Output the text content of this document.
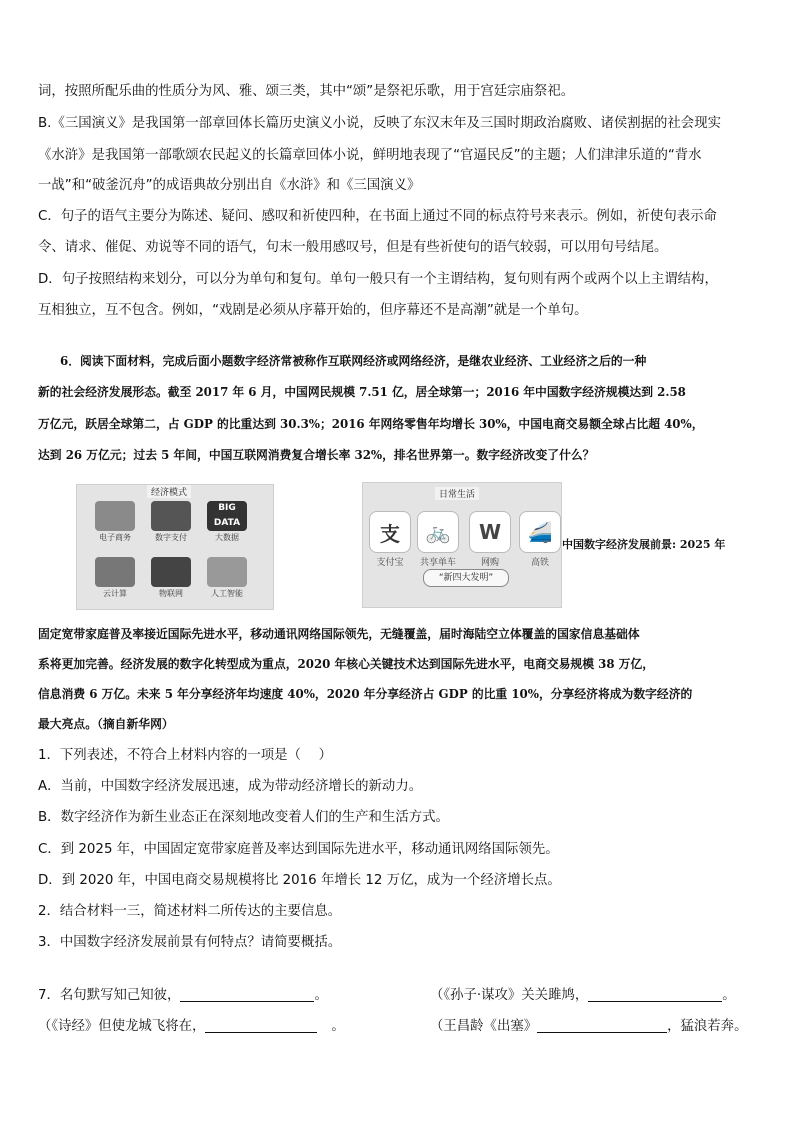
词，按照所配乐曲的性质分为风、雅、颂三类，其中“颂”是祭祀乐歌，用于宫廷宗庙祭祀。
B.《三国演义》是我国第一部章回体长篇历史演义小说，反映了东汉末年及三国时期政治腐败、诸侯割据的社会现实
《水浒》是我国第一部歌颂农民起义的长篇章回体小说，鲜明地表现了“官逼民反”的主题；人们津津乐道的“背水
一战”和“破釜沉舟”的成语典故分别出自《水浒》和《三国演义》
C．句子的语气主要分为陈述、疑问、感叹和祈使四种，在书面上通过不同的标点符号来表示。例如，祈使句表示命
令、请求、催促、劝说等不同的语气，句末一般用感叹号，但是有些祈使句的语气较弱，可以用句号结尾。
D．句子按照结构来划分，可以分为单句和复句。单句一般只有一个主谓结构，复句则有两个或两个以上主谓结构，
互相独立，互不包含。例如，“戏剧是必须从序幕开始的，但序幕还不是高潮”就是一个单句。
6．阅读下面材料，完成后面小题数字经济常被称作互联网经济或网络经济，是继农业经济、工业经济之后的一种
新的社会经济发展形态。截至 2017 年 6 月，中国网民规模 7.51 亿，居全球第一；2016 年中国数字经济规模达到 2.58
万亿元，跃居全球第二，占 GDP 的比重达到 30.3%；2016 年网络零售年均增长 30%，中国电商交易额全球占比超 40%，
达到 26 万亿元；过去 5 年间，中国互联网消费复合增长率 32%，排名世界第一。数字经济改变了什么？
经济模式
BIG DATA
电子商务	数字支付	大数据
云计算	物联网	人工智能
日常生活
支	🚲	W	🚄
支付宝	共享单车	网购	高铁
“新四大发明”
中国数字经济发展前景: 2025 年
固定宽带家庭普及率接近国际先进水平，移动通讯网络国际领先，无缝覆盖，届时海陆空立体覆盖的国家信息基础体
系将更加完善。经济发展的数字化转型成为重点，2020 年核心关键技术达到国际先进水平，电商交易规模 38 万亿，
信息消费 6 万亿。未来 5 年分享经济年均速度 40%，2020 年分享经济占 GDP 的比重 10%，分享经济将成为数字经济的
最大亮点。（摘自新华网）
1．下列表述，不符合上材料内容的一项是（　 ）
A．当前，中国数字经济发展迅速，成为带动经济增长的新动力。
B．数字经济作为新生业态正在深刻地改变着人们的生产和生活方式。
C．到 2025 年，中国固定宽带家庭普及率达到国际先进水平，移动通讯网络国际领先。
D．到 2020 年，中国电商交易规模将比 2016 年增长 12 万亿，成为一个经济增长点。
2．结合材料一三，简述材料二所传达的主要信息。
3．中国数字经济发展前景有何特点？请简要概括。
7．名句默写知己知彼，	。	（《孙子·谋攻》关关雎鸠，	。
（《诗经》但使龙城飞将在，	。	（王昌龄《出塞》	，猛浪若奔。
